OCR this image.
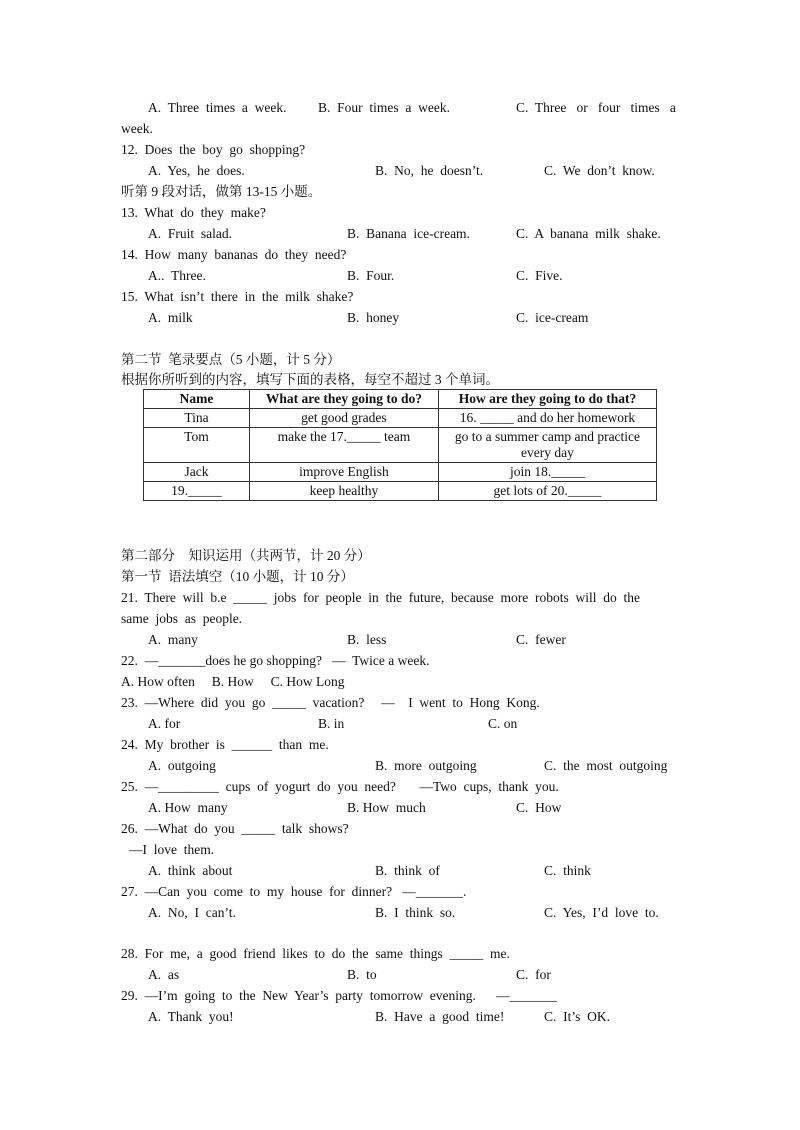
A.  Three  times  a  week. B.  Four  times  a  week.	C.  Three   or   four   times   a
week.
12.  Does  the  boy  go  shopping?
A.  Yes,  he  does.	B.  No,  he  doesn’t.	C.  We  don’t  know.
听第 9 段对话，做第 13-15 小题。
13.  What  do  they  make?
A.  Fruit  salad.	B.  Banana  ice-cream.	C.  A  banana  milk  shake.
14.  How  many  bananas  do  they  need?
A..  Three.	B.  Four.	C.  Five.
15.  What  isn’t  there  in  the  milk  shake?
A.  milk	B.  honey	C.  ice-cream
第二节  笔录要点（5 小题，计 5 分）
根据你所听到的内容，填写下面的表格，每空不超过 3 个单词。
第二部分    知识运用（共两节，计 20 分）
第一节  语法填空（10 小题，计 10 分）
21.  There  will  b.e  _____  jobs  for  people  in  the  future,  because  more  robots  will  do  the
same  jobs  as  people.
A.  many	B.  less	C.  fewer
22.  —_______does he go shopping?   —  Twice a week.
A. How often     B. How     C. How Long
23.  —Where  did  you  go  _____  vacation?     —    I  went  to  Hong  Kong.
A. for	B. in	C. on
24.  My  brother  is  ______  than  me.
A.  outgoing	B.  more  outgoing	C.  the  most  outgoing
25.  —_________  cups  of  yogurt  do  you  need?       —Two  cups,  thank  you.
A. How  many	B. How  much	C.  How
26.  —What  do  you  _____  talk  shows?
—I  love  them.
A.  think  about	B.  think  of	C.  think
27.  —Can  you  come  to  my  house  for  dinner?   —_______.
A.  No,  I  can’t.	B.  I  think  so.	C.  Yes,  I’d  love  to.
28.  For  me,  a  good  friend  likes  to  do  the  same  things  _____  me.
A.  as	B.  to	C.  for
29.  —I’m  going  to  the  New  Year’s  party  tomorrow  evening.      —_______
A.  Thank  you!	B.  Have  a  good  time!	C.  It’s  OK.
Name	What are they going to do?	How are they going to do that?
Tina	get good grades	16. _____ and do her homework
Tom	make the 17._____ team	go to a summer camp and practice every day
Jack	improve English	join 18._____
19._____	keep healthy	get lots of 20._____
